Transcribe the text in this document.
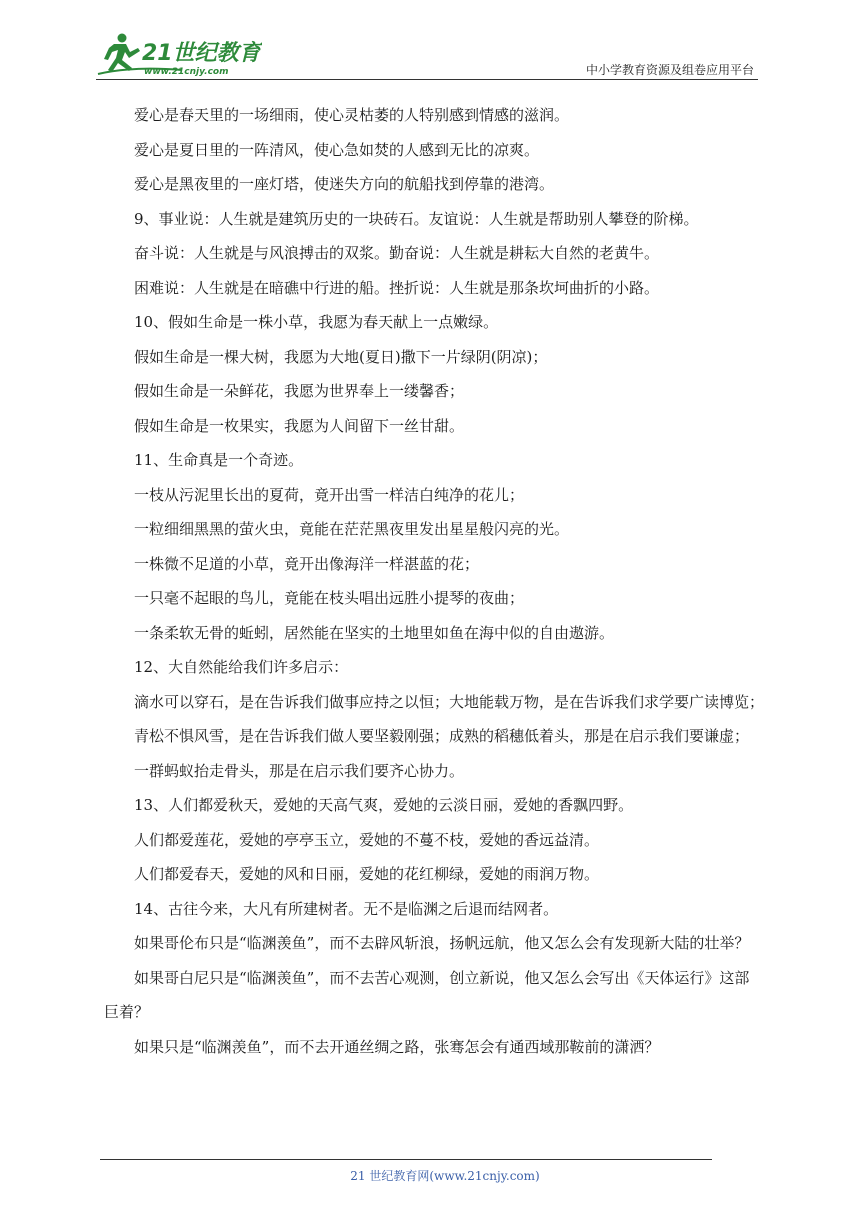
21世纪教育
www.21cnjy.com	中小学教育资源及组卷应用平台

爱心是春天里的一场细雨，使心灵枯萎的人特别感到情感的滋润。

爱心是夏日里的一阵清风，使心急如焚的人感到无比的凉爽。

爱心是黑夜里的一座灯塔，使迷失方向的航船找到停靠的港湾。

9、事业说：人生就是建筑历史的一块砖石。友谊说：人生就是帮助别人攀登的阶梯。

奋斗说：人生就是与风浪搏击的双浆。勤奋说：人生就是耕耘大自然的老黄牛。

困难说：人生就是在暗礁中行进的船。挫折说：人生就是那条坎坷曲折的小路。

10、假如生命是一株小草，我愿为春天献上一点嫩绿。

假如生命是一棵大树，我愿为大地(夏日)撒下一片绿阴(阴凉)；

假如生命是一朵鲜花，我愿为世界奉上一缕馨香；

假如生命是一枚果实，我愿为人间留下一丝甘甜。

11、生命真是一个奇迹。

一枝从污泥里长出的夏荷，竟开出雪一样洁白纯净的花儿；

一粒细细黑黑的萤火虫，竟能在茫茫黑夜里发出星星般闪亮的光。

一株微不足道的小草，竟开出像海洋一样湛蓝的花；

一只毫不起眼的鸟儿，竟能在枝头唱出远胜小提琴的夜曲；

一条柔软无骨的蚯蚓，居然能在坚实的土地里如鱼在海中似的自由遨游。

12、大自然能给我们许多启示：

滴水可以穿石，是在告诉我们做事应持之以恒；大地能载万物，是在告诉我们求学要广读博览；

青松不惧风雪，是在告诉我们做人要坚毅刚强；成熟的稻穗低着头，那是在启示我们要谦虚；

一群蚂蚁抬走骨头，那是在启示我们要齐心协力。

13、人们都爱秋天，爱她的天高气爽，爱她的云淡日丽，爱她的香飘四野。

人们都爱莲花，爱她的亭亭玉立，爱她的不蔓不枝，爱她的香远益清。

人们都爱春天，爱她的风和日丽，爱她的花红柳绿，爱她的雨润万物。

14、古往今来，大凡有所建树者。无不是临渊之后退而结网者。

如果哥伦布只是“临渊羡鱼”，而不去辟风斩浪，扬帆远航，他又怎么会有发现新大陆的壮举？

如果哥白尼只是“临渊羡鱼”，而不去苦心观测，创立新说，他又怎么会写出《天体运行》这部巨着？

如果只是“临渊羡鱼”，而不去开通丝绸之路，张骞怎会有通西域那鞍前的潇洒？

21 世纪教育网(www.21cnjy.com)
